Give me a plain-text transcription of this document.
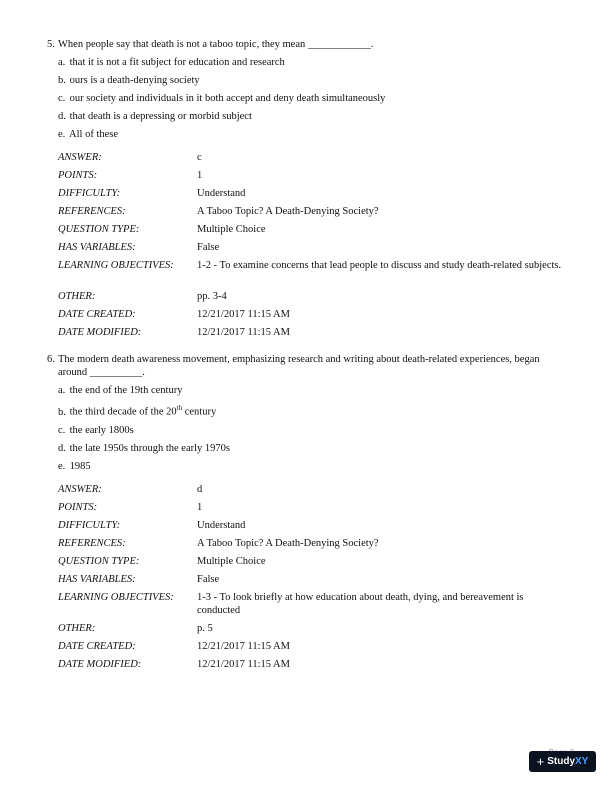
5. When people say that death is not a taboo topic, they mean ____________.
a. that it is not a fit subject for education and research
b. ours is a death-denying society
c. our society and individuals in it both accept and deny death simultaneously
d. that death is a depressing or morbid subject
e. All of these
ANSWER:	c
POINTS:	1
DIFFICULTY:	Understand
REFERENCES:	A Taboo Topic? A Death-Denying Society?
QUESTION TYPE:	Multiple Choice
HAS VARIABLES:	False
LEARNING OBJECTIVES:	1-2 - To examine concerns that lead people to discuss and study death-related subjects.
OTHER:	pp. 3-4
DATE CREATED:	12/21/2017 11:15 AM
DATE MODIFIED:	12/21/2017 11:15 AM
6. The modern death awareness movement, emphasizing research and writing about death-related experiences, began
around __________.
a. the end of the 19th century
b. the third decade of the 20th century
c. the early 1800s
d. the late 1950s through the early 1970s
e. 1985
ANSWER:	d
POINTS:	1
DIFFICULTY:	Understand
REFERENCES:	A Taboo Topic? A Death-Denying Society?
QUESTION TYPE:	Multiple Choice
HAS VARIABLES:	False
LEARNING OBJECTIVES:	1-3 - To look briefly at how education about death, dying, and bereavement is conducted
OTHER:	p. 5
DATE CREATED:	12/21/2017 11:15 AM
DATE MODIFIED:	12/21/2017 11:15 AM
+ Study XY
